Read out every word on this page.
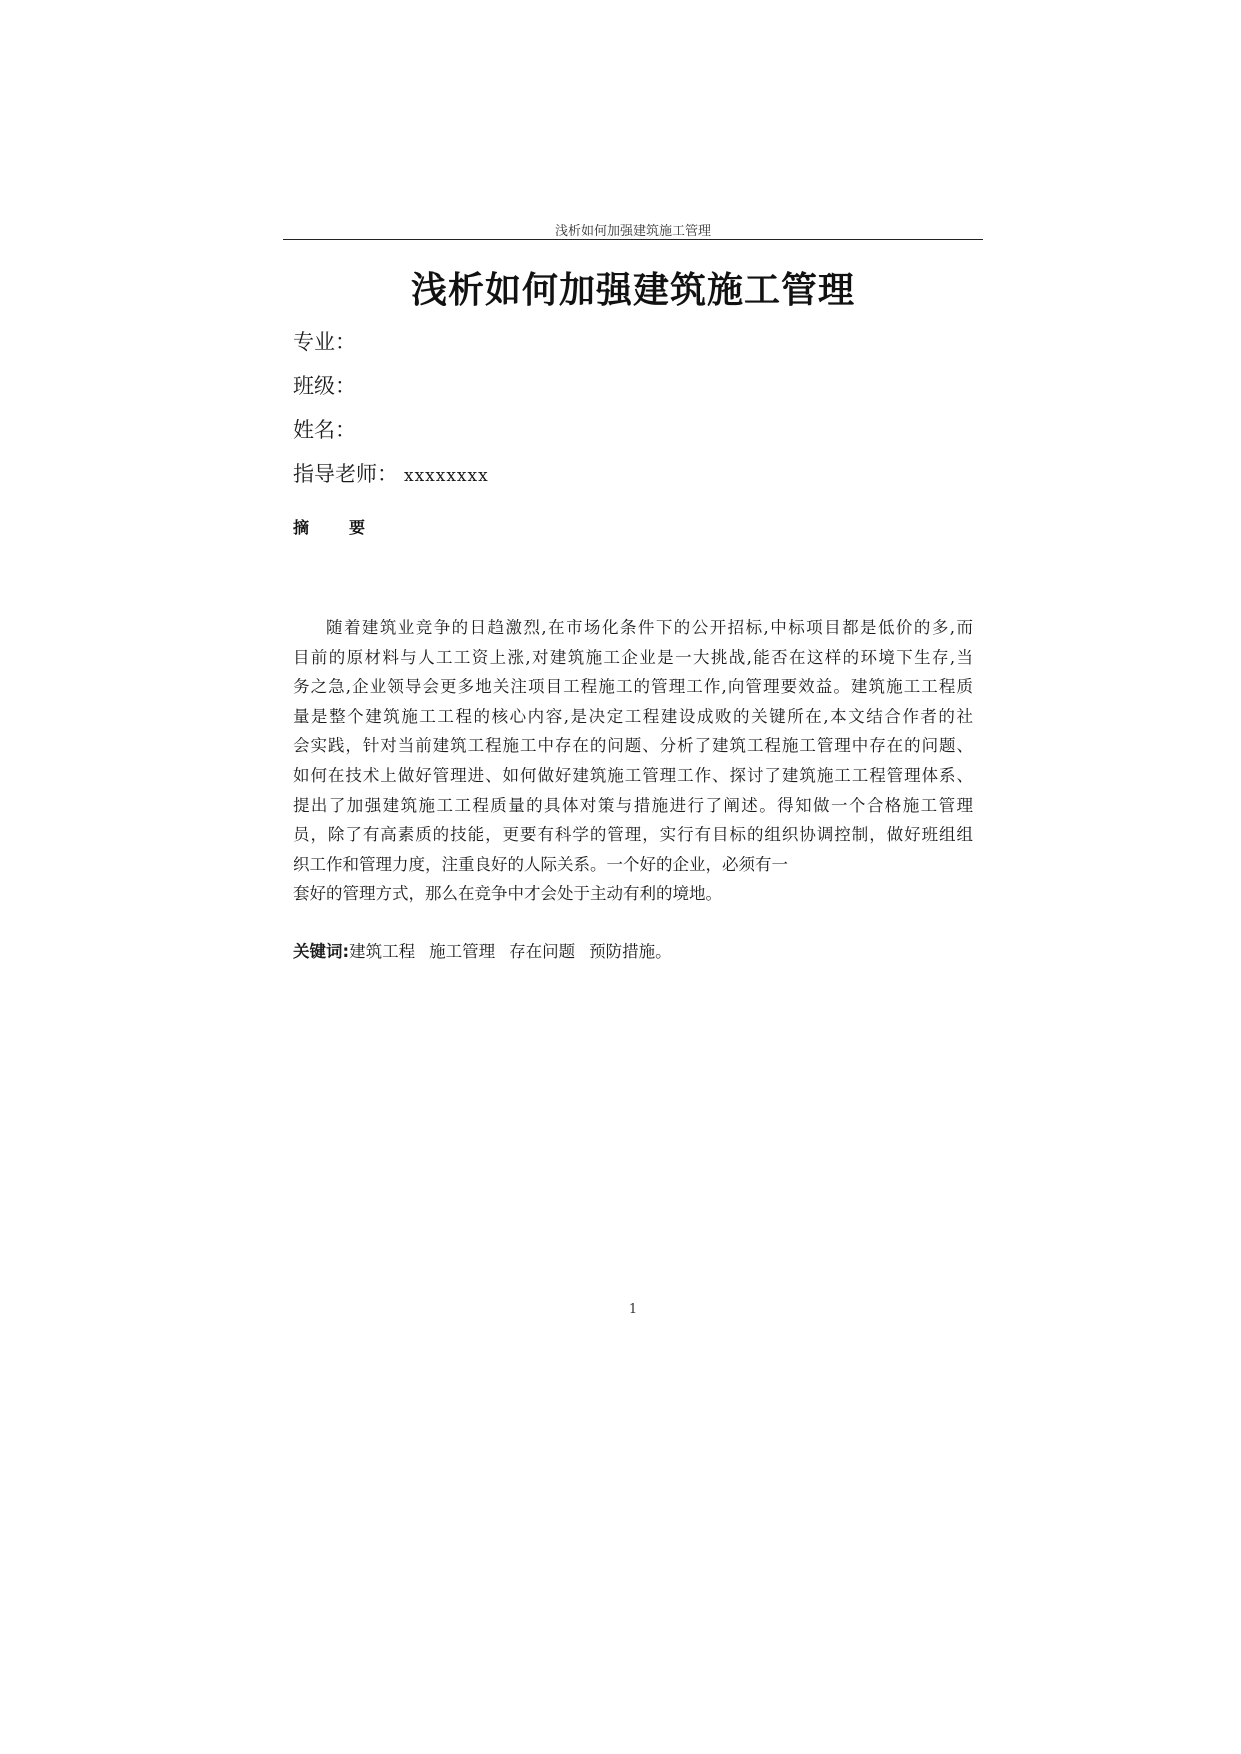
浅析如何加强建筑施工管理
浅析如何加强建筑施工管理
专业：
班级：
姓名：
指导老师： xxxxxxxx
摘	要
随着建筑业竞争的日趋激烈,在市场化条件下的公开招标,中标项目都是低价的多,而
目前的原材料与人工工资上涨,对建筑施工企业是一大挑战,能否在这样的环境下生存,当
务之急,企业领导会更多地关注项目工程施工的管理工作,向管理要效益。建筑施工工程质
量是整个建筑施工工程的核心内容,是决定工程建设成败的关键所在,本文结合作者的社
会实践，针对当前建筑工程施工中存在的问题、分析了建筑工程施工管理中存在的问题、
如何在技术上做好管理进、如何做好建筑施工管理工作、探讨了建筑施工工程管理体系、
提出了加强建筑施工工程质量的具体对策与措施进行了阐述。得知做一个合格施工管理
员，除了有高素质的技能，更要有科学的管理，实行有目标的组织协调控制，做好班组组
织工作和管理力度，注重良好的人际关系。一个好的企业，必须有一
套好的管理方式，那么在竞争中才会处于主动有利的境地。
关键词:建筑工程 施工管理 存在问题 预防措施。
1
